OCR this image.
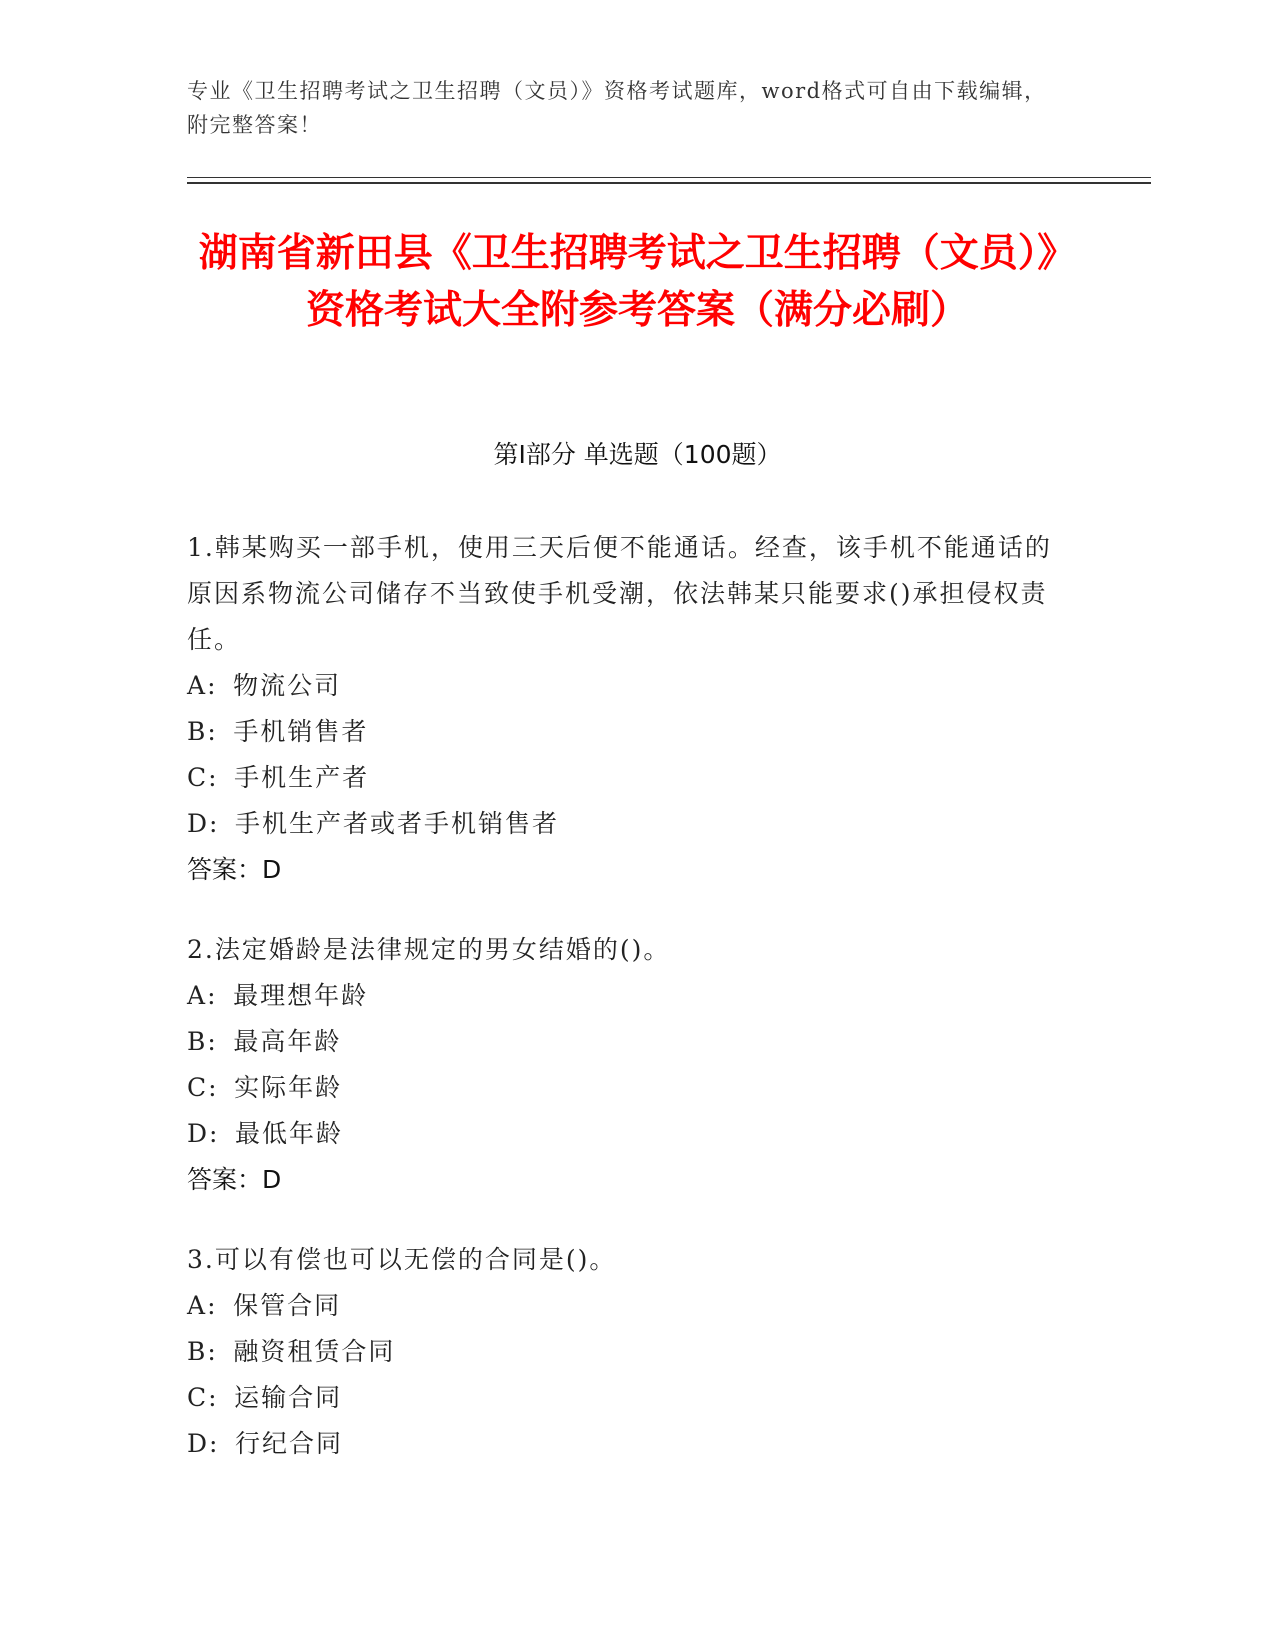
专业《卫生招聘考试之卫生招聘（文员）》资格考试题库，word格式可自由下载编辑，附完整答案！
湖南省新田县《卫生招聘考试之卫生招聘（文员）》资格考试大全附参考答案（满分必刷）
第I部分 单选题（100题）
1.韩某购买一部手机，使用三天后便不能通话。经查，该手机不能通话的原因系物流公司储存不当致使手机受潮，依法韩某只能要求()承担侵权责任。
A: 物流公司
B: 手机销售者
C: 手机生产者
D: 手机生产者或者手机销售者
答案：D
2.法定婚龄是法律规定的男女结婚的()。
A: 最理想年龄
B: 最高年龄
C: 实际年龄
D: 最低年龄
答案：D
3.可以有偿也可以无偿的合同是()。
A: 保管合同
B: 融资租赁合同
C: 运输合同
D: 行纪合同
